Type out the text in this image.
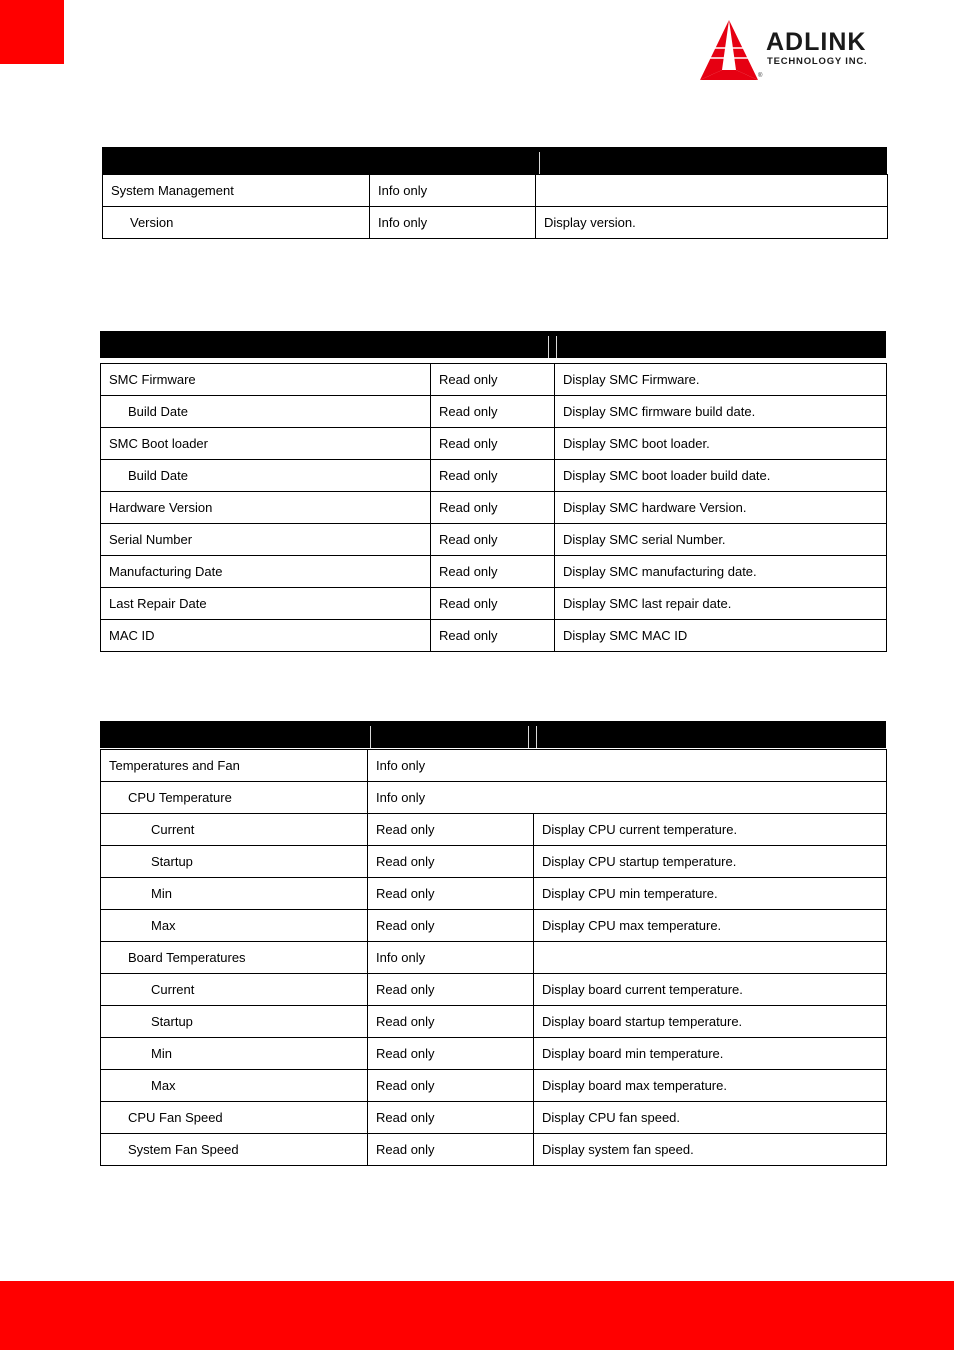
ADLINK
TECHNOLOGY INC.
®
System Management	Info only	
Version	Info only	Display version.
SMC Firmware	Read only	Display SMC Firmware.
Build Date	Read only	Display SMC firmware build date.
SMC Boot loader	Read only	Display SMC boot loader.
Build Date	Read only	Display SMC boot loader build date.
Hardware Version	Read only	Display SMC hardware Version.
Serial Number	Read only	Display SMC serial Number.
Manufacturing Date	Read only	Display SMC manufacturing date.
Last Repair Date	Read only	Display SMC last repair date.
MAC ID	Read only	Display SMC MAC ID
Temperatures and Fan	Info only	
CPU Temperature	Info only	
Current	Read only	Display CPU current temperature.
Startup	Read only	Display CPU startup temperature.
Min	Read only	Display CPU min temperature.
Max	Read only	Display CPU max temperature.
Board Temperatures	Info only	
Current	Read only	Display board current temperature.
Startup	Read only	Display board startup temperature.
Min	Read only	Display board min temperature.
Max	Read only	Display board max temperature.
CPU Fan Speed	Read only	Display CPU fan speed.
System Fan Speed	Read only	Display system fan speed.
